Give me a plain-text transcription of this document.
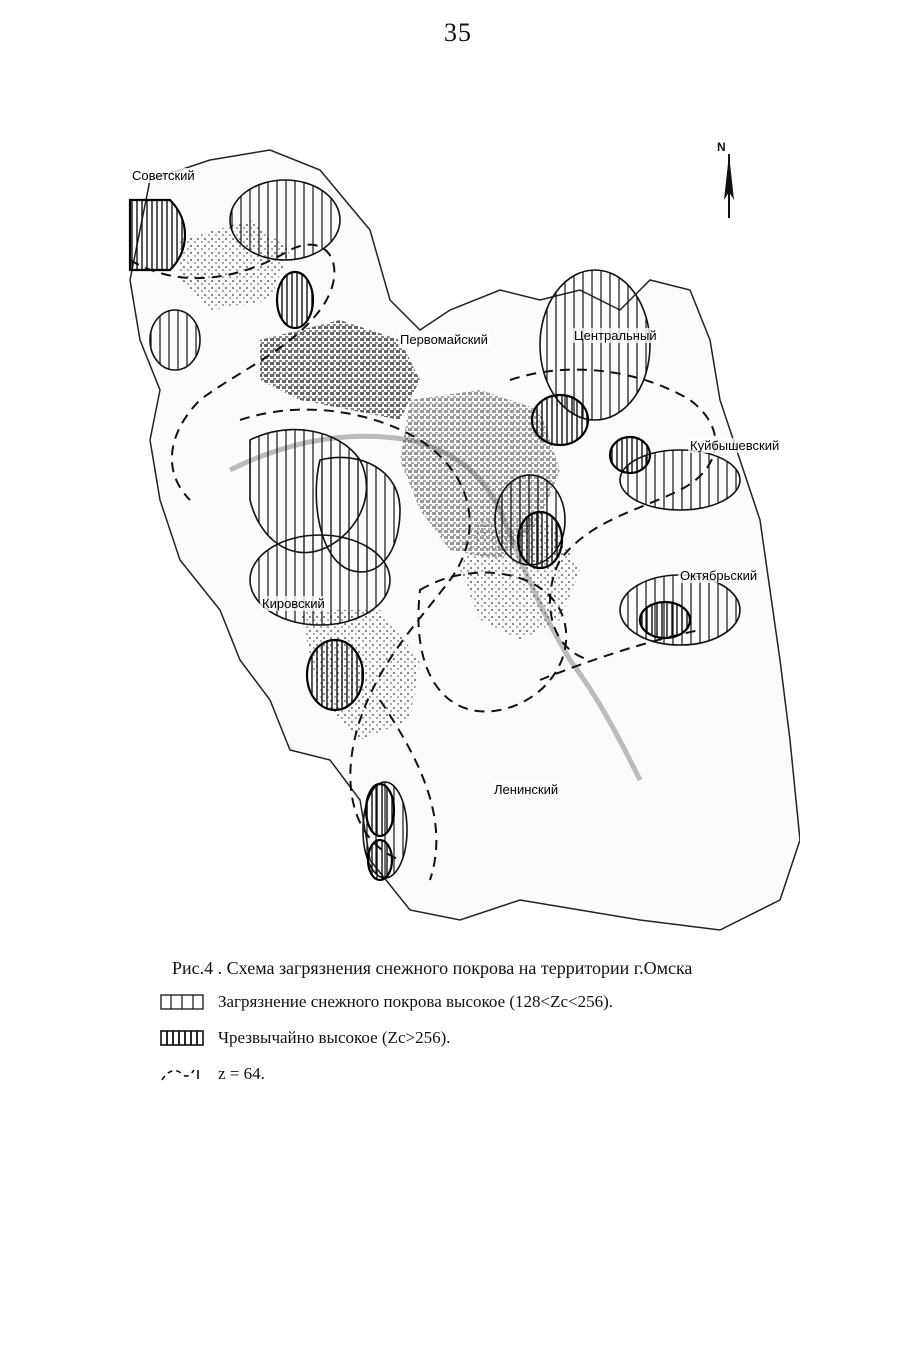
35
N
Советский
Первомайский	Центральный
Куйбышевский
Октябрьский
Кировский
Ленинский
Рис.4 . Схема загрязнения снежного покрова на территории г.Омска
Загрязнение снежного покрова высокое (128<Zc<256).
Чрезвычайно высокое (Zc>256).
z = 64.
